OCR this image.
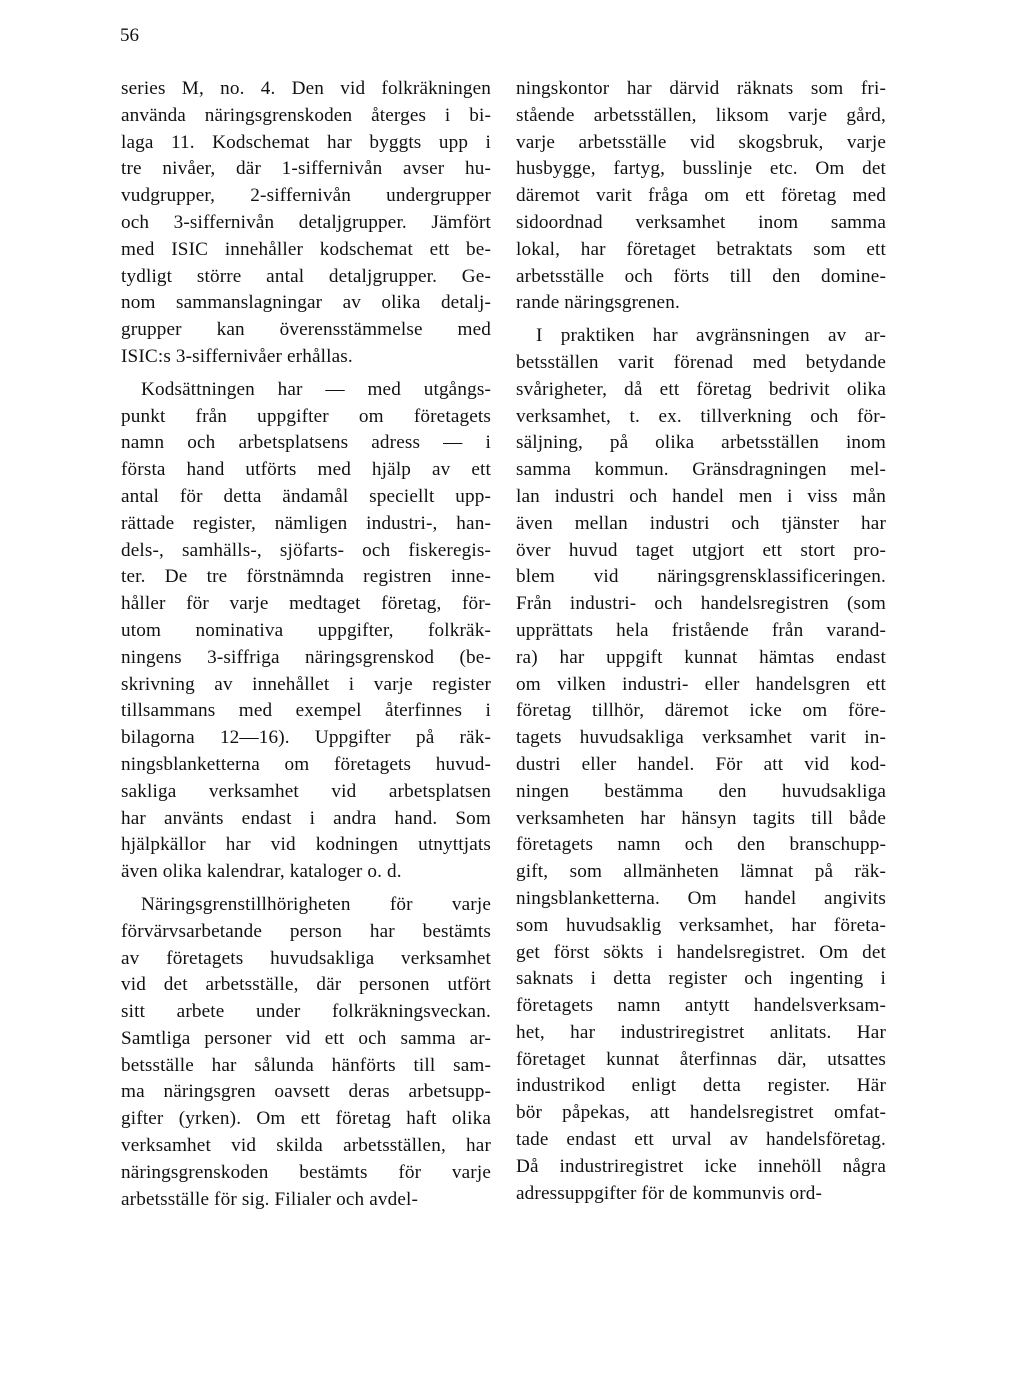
56
series M, no. 4. Den vid folkräkningen
använda näringsgrenskoden återges i bi-
laga 11. Kodschemat har byggts upp i
tre nivåer, där 1-siffernivån avser hu-
vudgrupper, 2-siffernivån undergrupper
och 3-siffernivån detaljgrupper. Jämfört
med ISIC innehåller kodschemat ett be-
tydligt större antal detaljgrupper. Ge-
nom sammanslagningar av olika detalj-
grupper kan överensstämmelse med
ISIC:s 3-siffernivåer erhållas.
Kodsättningen har — med utgångs-
punkt från uppgifter om företagets
namn och arbetsplatsens adress — i
första hand utförts med hjälp av ett
antal för detta ändamål speciellt upp-
rättade register, nämligen industri-, han-
dels-, samhälls-, sjöfarts- och fiskeregis-
ter. De tre förstnämnda registren inne-
håller för varje medtaget företag, för-
utom nominativa uppgifter, folkräk-
ningens 3-siffriga näringsgrenskod (be-
skrivning av innehållet i varje register
tillsammans med exempel återfinnes i
bilagorna 12—16). Uppgifter på räk-
ningsblanketterna om företagets huvud-
sakliga verksamhet vid arbetsplatsen
har använts endast i andra hand. Som
hjälpkällor har vid kodningen utnyttjats
även olika kalendrar, kataloger o. d.
Näringsgrenstillhörigheten för varje
förvärvsarbetande person har bestämts
av företagets huvudsakliga verksamhet
vid det arbetsställe, där personen utfört
sitt arbete under folkräkningsveckan.
Samtliga personer vid ett och samma ar-
betsställe har sålunda hänförts till sam-
ma näringsgren oavsett deras arbetsupp-
gifter (yrken). Om ett företag haft olika
verksamhet vid skilda arbetsställen, har
näringsgrenskoden bestämts för varje
arbetsställe för sig. Filialer och avdel-
ningskontor har därvid räknats som fri-
stående arbetsställen, liksom varje gård,
varje arbetsställe vid skogsbruk, varje
husbygge, fartyg, busslinje etc. Om det
däremot varit fråga om ett företag med
sidoordnad verksamhet inom samma
lokal, har företaget betraktats som ett
arbetsställe och förts till den domine-
rande näringsgrenen.
I praktiken har avgränsningen av ar-
betsställen varit förenad med betydande
svårigheter, då ett företag bedrivit olika
verksamhet, t. ex. tillverkning och för-
säljning, på olika arbetsställen inom
samma kommun. Gränsdragningen mel-
lan industri och handel men i viss mån
även mellan industri och tjänster har
över huvud taget utgjort ett stort pro-
blem vid näringsgrensklassificeringen.
Från industri- och handelsregistren (som
upprättats hela fristående från varand-
ra) har uppgift kunnat hämtas endast
om vilken industri- eller handelsgren ett
företag tillhör, däremot icke om före-
tagets huvudsakliga verksamhet varit in-
dustri eller handel. För att vid kod-
ningen bestämma den huvudsakliga
verksamheten har hänsyn tagits till både
företagets namn och den branschupp-
gift, som allmänheten lämnat på räk-
ningsblanketterna. Om handel angivits
som huvudsaklig verksamhet, har företa-
get först sökts i handelsregistret. Om det
saknats i detta register och ingenting i
företagets namn antytt handelsverksam-
het, har industriregistret anlitats. Har
företaget kunnat återfinnas där, utsattes
industrikod enligt detta register. Här
bör påpekas, att handelsregistret omfat-
tade endast ett urval av handelsföretag.
Då industriregistret icke innehöll några
adressuppgifter för de kommunvis ord-
